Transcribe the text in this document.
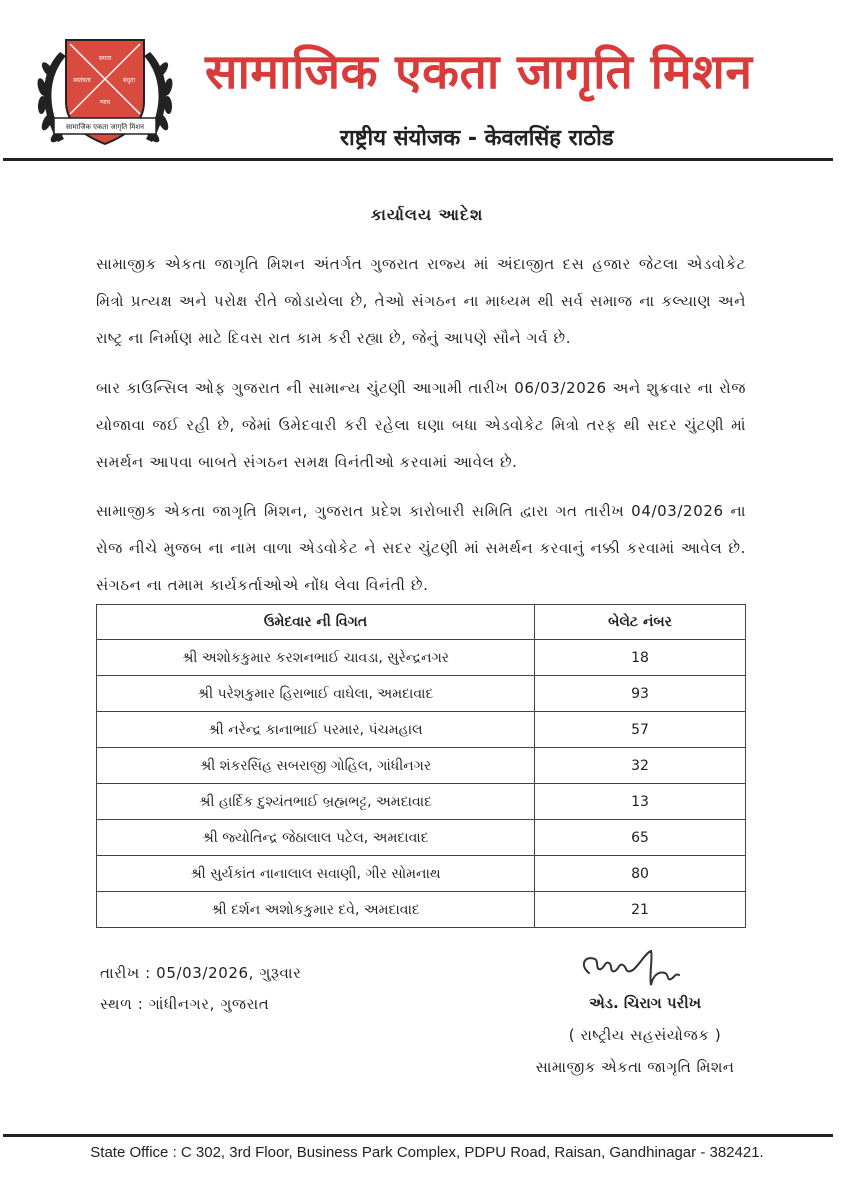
समता
स्वतंत्रता	बंधुता
न्याय
सामाजिक एकता जागृति मिशन
सामाजिक एकता जागृति मिशन
राष्ट्रीय संयोजक - केवलसिंह राठोड
કાર્યાલય આદેશ
સામાજીક એકતા જાગૃતિ મિશન અંતર્ગત ગુજરાત રાજ્ય માં અંદાજીત દસ હજાર જેટલા એડવોકેટ મિત્રો પ્રત્યક્ષ અને પરોક્ષ રીતે જોડાયેલા છે, તેઓ સંગઠન ના માધ્યમ થી સર્વ સમાજ ના કલ્યાણ અને રાષ્ટ્ર ના નિર્માણ માટે દિવસ રાત કામ કરી રહ્યા છે, જેનું આપણે સૌને ગર્વ છે.
બાર કાઉન્સિલ ઓફ ગુજરાત ની સામાન્ય ચુંટણી આગામી તારીખ 06/03/2026 અને શુક્રવાર ના રોજ યોજાવા જઈ રહી છે, જેમાં ઉમેદવારી કરી રહેલા ઘણા બધા એડવોકેટ મિત્રો તરફ થી સદર ચુંટણી માં સમર્થન આપવા બાબતે સંગઠન સમક્ષ વિનંતીઓ કરવામાં આવેલ છે.
સામાજીક એકતા જાગૃતિ મિશન, ગુજરાત પ્રદેશ કારોબારી સમિતિ દ્વારા ગત તારીખ 04/03/2026 ના રોજ નીચે મુજબ ના નામ વાળા એડવોકેટ ને સદર ચુંટણી માં સમર્થન કરવાનું નક્કી કરવામાં આવેલ છે. સંગઠન ના તમામ કાર્યકર્તાઓએ નોંધ લેવા વિનંતી છે.
ઉમેદવાર ની વિગત	બેલેટ નંબર
શ્રી અશોકકુમાર કરશનભાઈ ચાવડા, સુરેન્દ્રનગર	18
શ્રી પરેશકુમાર હિરાભાઈ વાઘેલા, અમદાવાદ	93
શ્રી નરેન્દ્ર કાનાભાઈ પરમાર, પંચમહાલ	57
શ્રી શંકરસિંહ સબરાજી ગોહિલ, ગાંધીનગર	32
શ્રી હાર્દિક દુશ્યંતભાઈ બ્રહ્મભટ્ટ, અમદાવાદ	13
શ્રી જ્યોતિન્દ્ર જેઠાલાલ પટેલ, અમદાવાદ	65
શ્રી સુર્યકાંત નાનાલાલ સવાણી, ગીર સોમનાથ	80
શ્રી દર્શન અશોકકુમાર દવે, અમદાવાદ	21
તારીખ : 05/03/2026, ગુરૂવાર
સ્થળ : ગાંધીનગર, ગુજરાત	એડ. ચિરાગ પરીખ
( રાષ્ટ્રીય સહસંયોજક )
સામાજીક એકતા જાગૃતિ મિશન
State Office : C 302, 3rd Floor, Business Park Complex, PDPU Road, Raisan, Gandhinagar - 382421.
